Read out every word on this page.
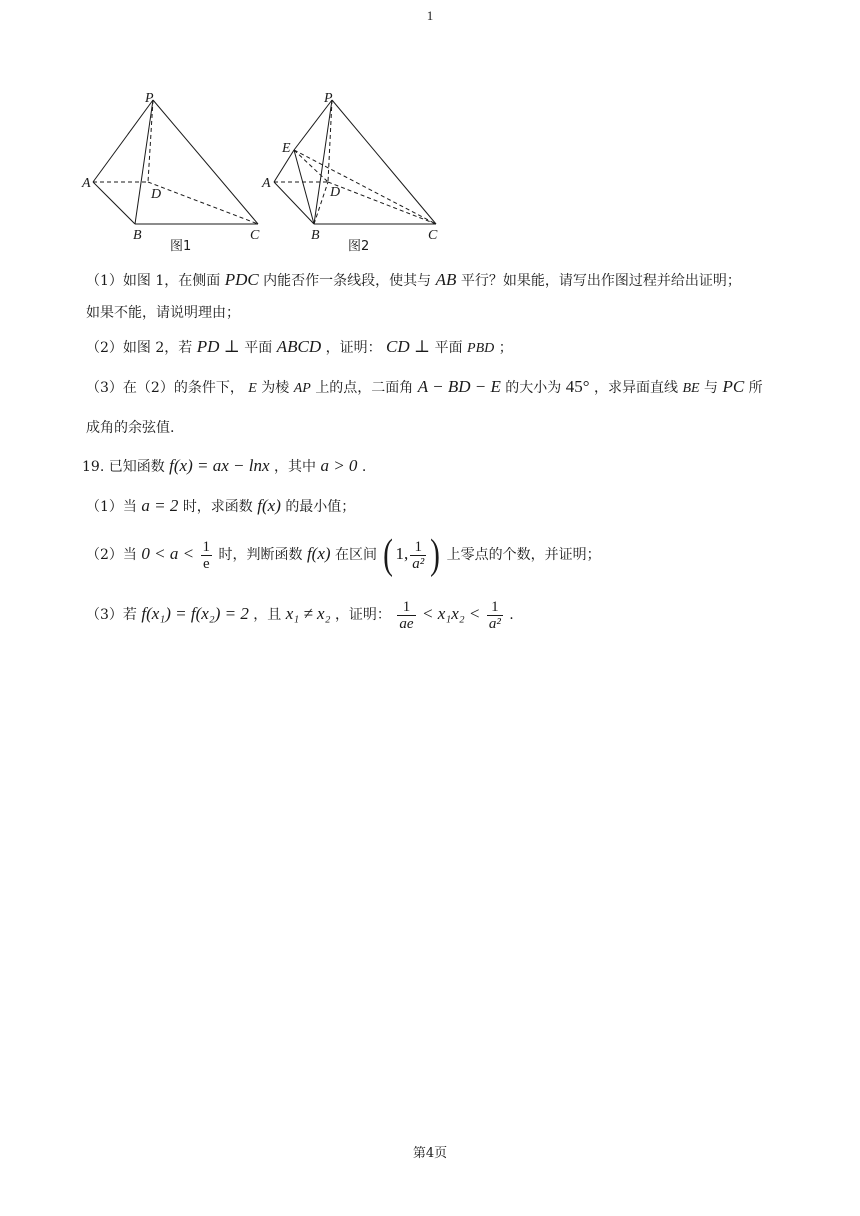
1
P
A
D
B	C
图1
P
E
A
D
B	C
图2
（1）如图 1，在侧面 PDC 内能否作一条线段，使其与 AB 平行？如果能，请写出作图过程并给出证明；
如果不能，请说明理由；
（2）如图 2，若 PD ⊥ 平面 ABCD ，证明： CD ⊥ 平面 PBD ；
（3）在（2）的条件下， E 为棱 AP 上的点，二面角 A − BD − E 的大小为 45° ，求异面直线 BE 与 PC 所
成角的余弦值.
19. 已知函数 f(x) = ax − lnx ，其中 a > 0 .
（1）当 a = 2 时，求函数 f(x) 的最小值；
（2）当 $0 < a < \frac{1}{e}$ 时，判断函数 f(x) 在区间 ( 1, $\frac{1}{\text{a²}}$ ) 上零点的个数，并证明；
（3）若 f(x₁) = f(x₂) = 2 ，且 x₁ ≠ x₂ ，证明： $\frac{1}{ae} < x_1x_2 < \frac{1}{\text{a²}}$ .
第4页
